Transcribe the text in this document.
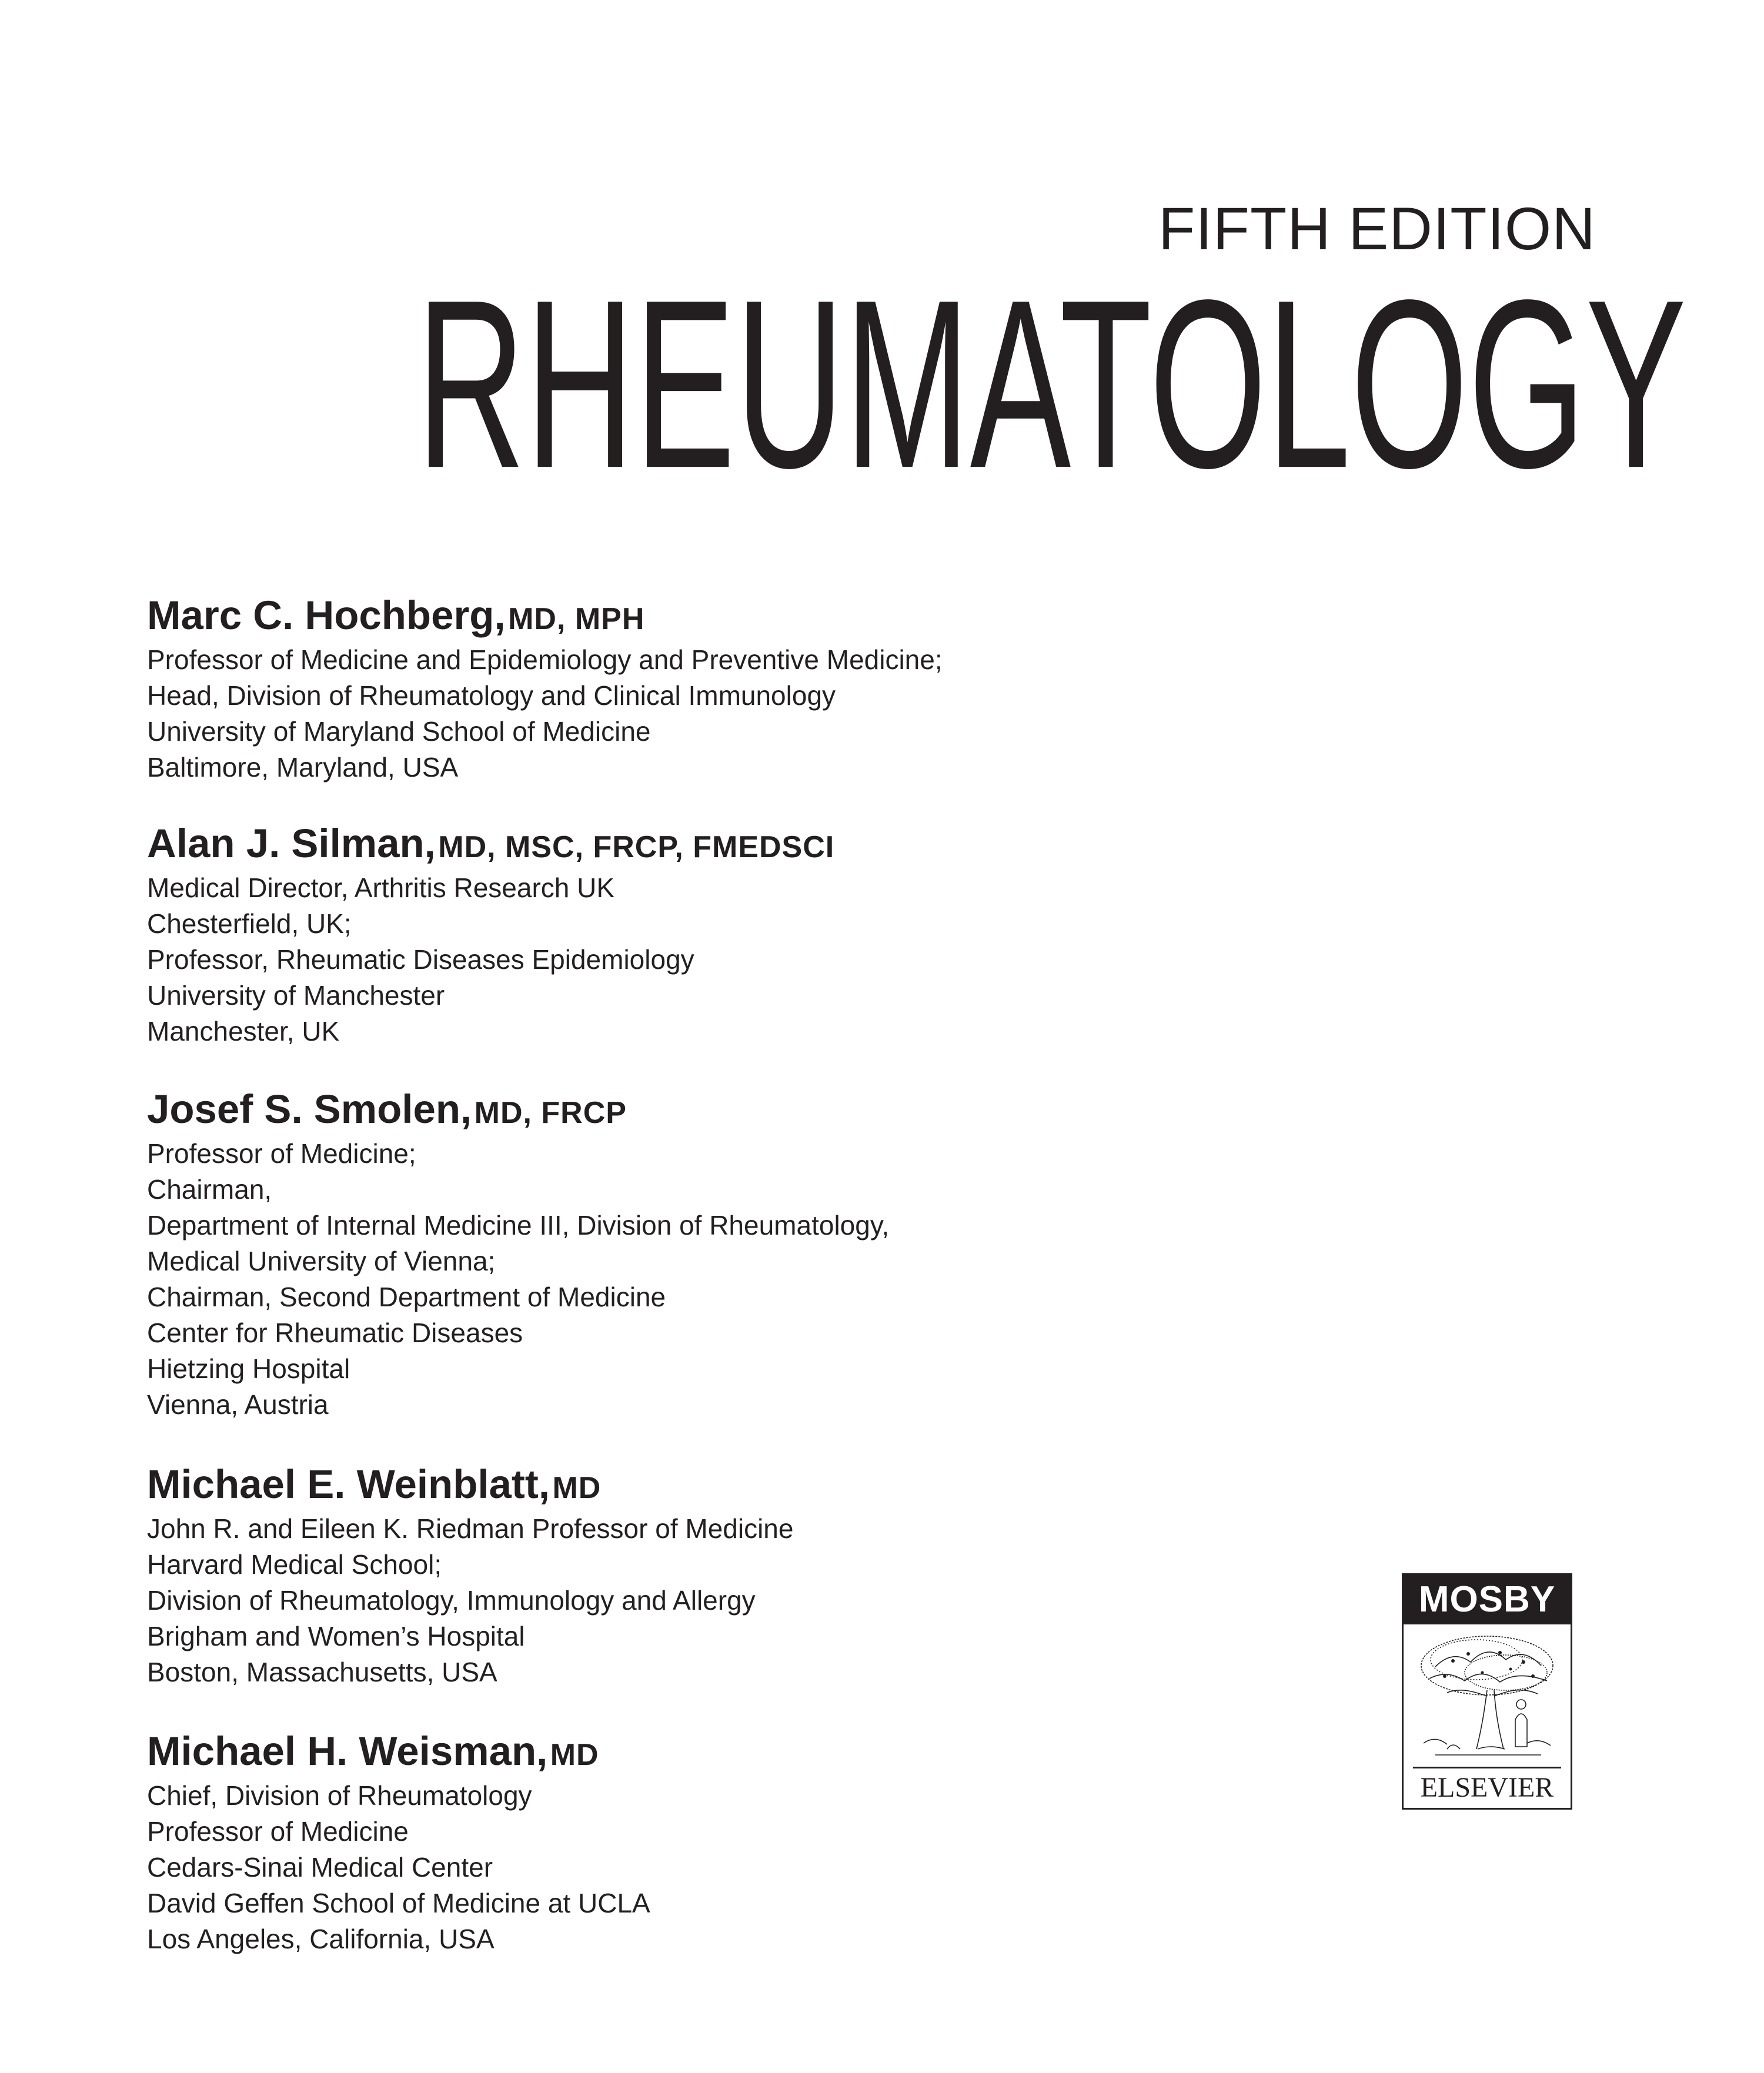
FIFTH EDITION
RHEUMATOLOGY
Marc C. Hochberg, MD, MPH
Professor of Medicine and Epidemiology and Preventive Medicine;
Head, Division of Rheumatology and Clinical Immunology
University of Maryland School of Medicine
Baltimore, Maryland, USA
Alan J. Silman, MD, MSC, FRCP, FMEDSCI
Medical Director, Arthritis Research UK
Chesterfield, UK;
Professor, Rheumatic Diseases Epidemiology
University of Manchester
Manchester, UK
Josef S. Smolen, MD, FRCP
Professor of Medicine;
Chairman,
Department of Internal Medicine III, Division of Rheumatology,
Medical University of Vienna;
Chairman, Second Department of Medicine
Center for Rheumatic Diseases
Hietzing Hospital
Vienna, Austria
Michael E. Weinblatt, MD
John R. and Eileen K. Riedman Professor of Medicine
Harvard Medical School;
Division of Rheumatology, Immunology and Allergy
Brigham and Women’s Hospital
Boston, Massachusetts, USA
Michael H. Weisman, MD
Chief, Division of Rheumatology
Professor of Medicine
Cedars-Sinai Medical Center
David Geffen School of Medicine at UCLA
Los Angeles, California, USA
MOSBY
ELSEVIER
